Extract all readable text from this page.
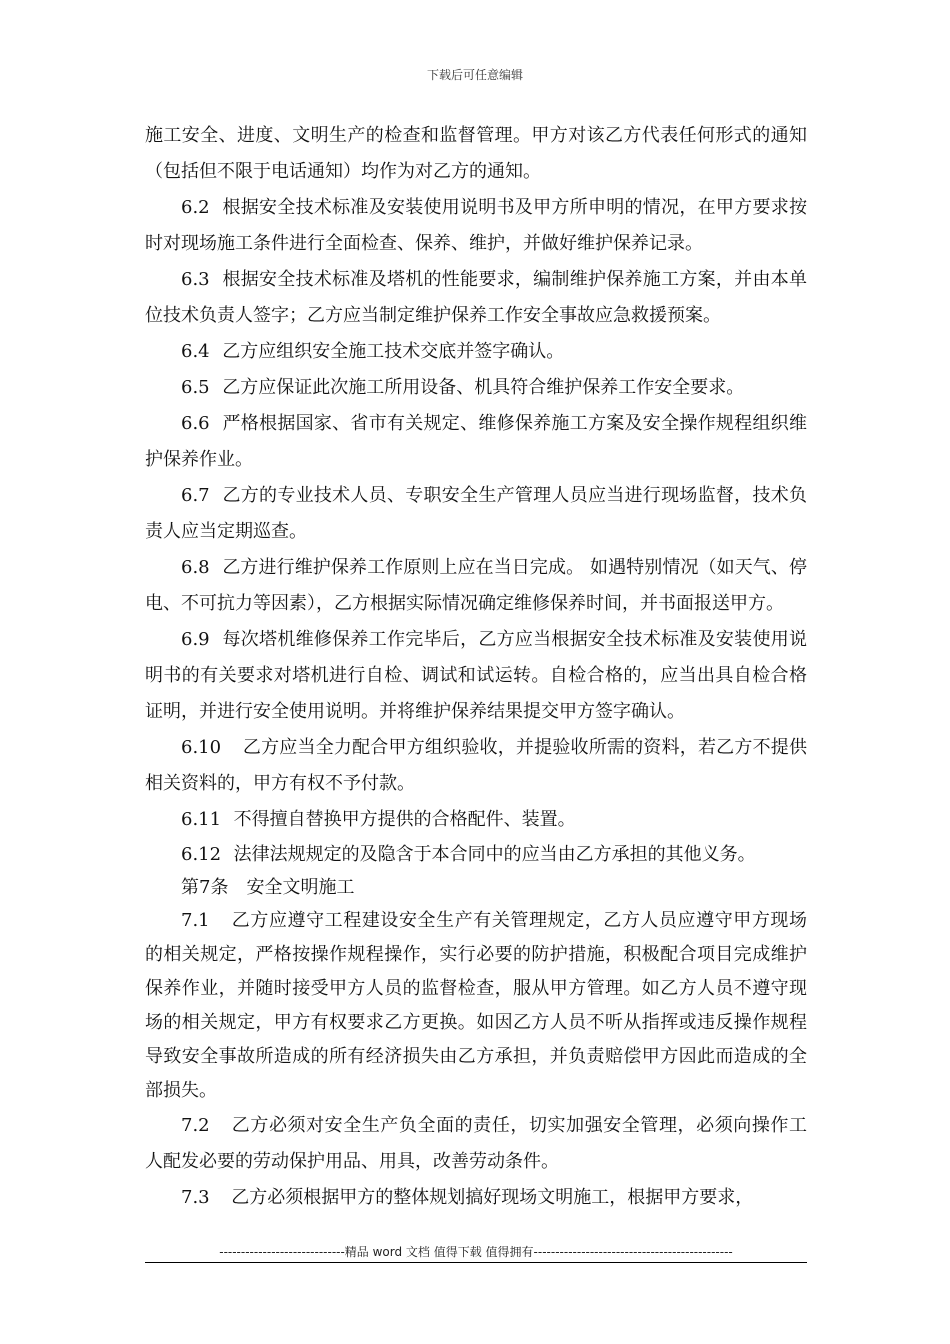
下载后可任意编辑

施工安全、进度、文明生产的检查和监督管理。甲方对该乙方代表任何形式的通知（包括但不限于电话通知）均作为对乙方的通知。

6.2 根据安全技术标准及安装使用说明书及甲方所申明的情况，在甲方要求按时对现场施工条件进行全面检查、保养、维护，并做好维护保养记录。

6.3 根据安全技术标准及塔机的性能要求，编制维护保养施工方案，并由本单位技术负责人签字；乙方应当制定维护保养工作安全事故应急救援预案。

6.4 乙方应组织安全施工技术交底并签字确认。

6.5 乙方应保证此次施工所用设备、机具符合维护保养工作安全要求。

6.6 严格根据国家、省市有关规定、维修保养施工方案及安全操作规程组织维护保养作业。

6.7 乙方的专业技术人员、专职安全生产管理人员应当进行现场监督，技术负责人应当定期巡查。

6.8 乙方进行维护保养工作原则上应在当日完成。 如遇特别情况（如天气、停电、不可抗力等因素），乙方根据实际情况确定维修保养时间，并书面报送甲方。

6.9 每次塔机维修保养工作完毕后，乙方应当根据安全技术标准及安装使用说明书的有关要求对塔机进行自检、调试和试运转。自检合格的，应当出具自检合格证明，并进行安全使用说明。并将维护保养结果提交甲方签字确认。

6.10 乙方应当全力配合甲方组织验收，并提验收所需的资料，若乙方不提供相关资料的，甲方有权不予付款。

6.11 不得擅自替换甲方提供的合格配件、装置。

6.12 法律法规规定的及隐含于本合同中的应当由乙方承担的其他义务。

第7条 安全文明施工

7.1 乙方应遵守工程建设安全生产有关管理规定，乙方人员应遵守甲方现场的相关规定，严格按操作规程操作，实行必要的防护措施，积极配合项目完成维护保养作业，并随时接受甲方人员的监督检查，服从甲方管理。如乙方人员不遵守现场的相关规定，甲方有权要求乙方更换。如因乙方人员不听从指挥或违反操作规程导致安全事故所造成的所有经济损失由乙方承担，并负责赔偿甲方因此而造成的全部损失。

7.2 乙方必须对安全生产负全面的责任，切实加强安全管理，必须向操作工人配发必要的劳动保护用品、用具，改善劳动条件。

7.3 乙方必须根据甲方的整体规划搞好现场文明施工，根据甲方要求，

-----------------------------精品 word 文档 值得下载 值得拥有----------------------------------------------
